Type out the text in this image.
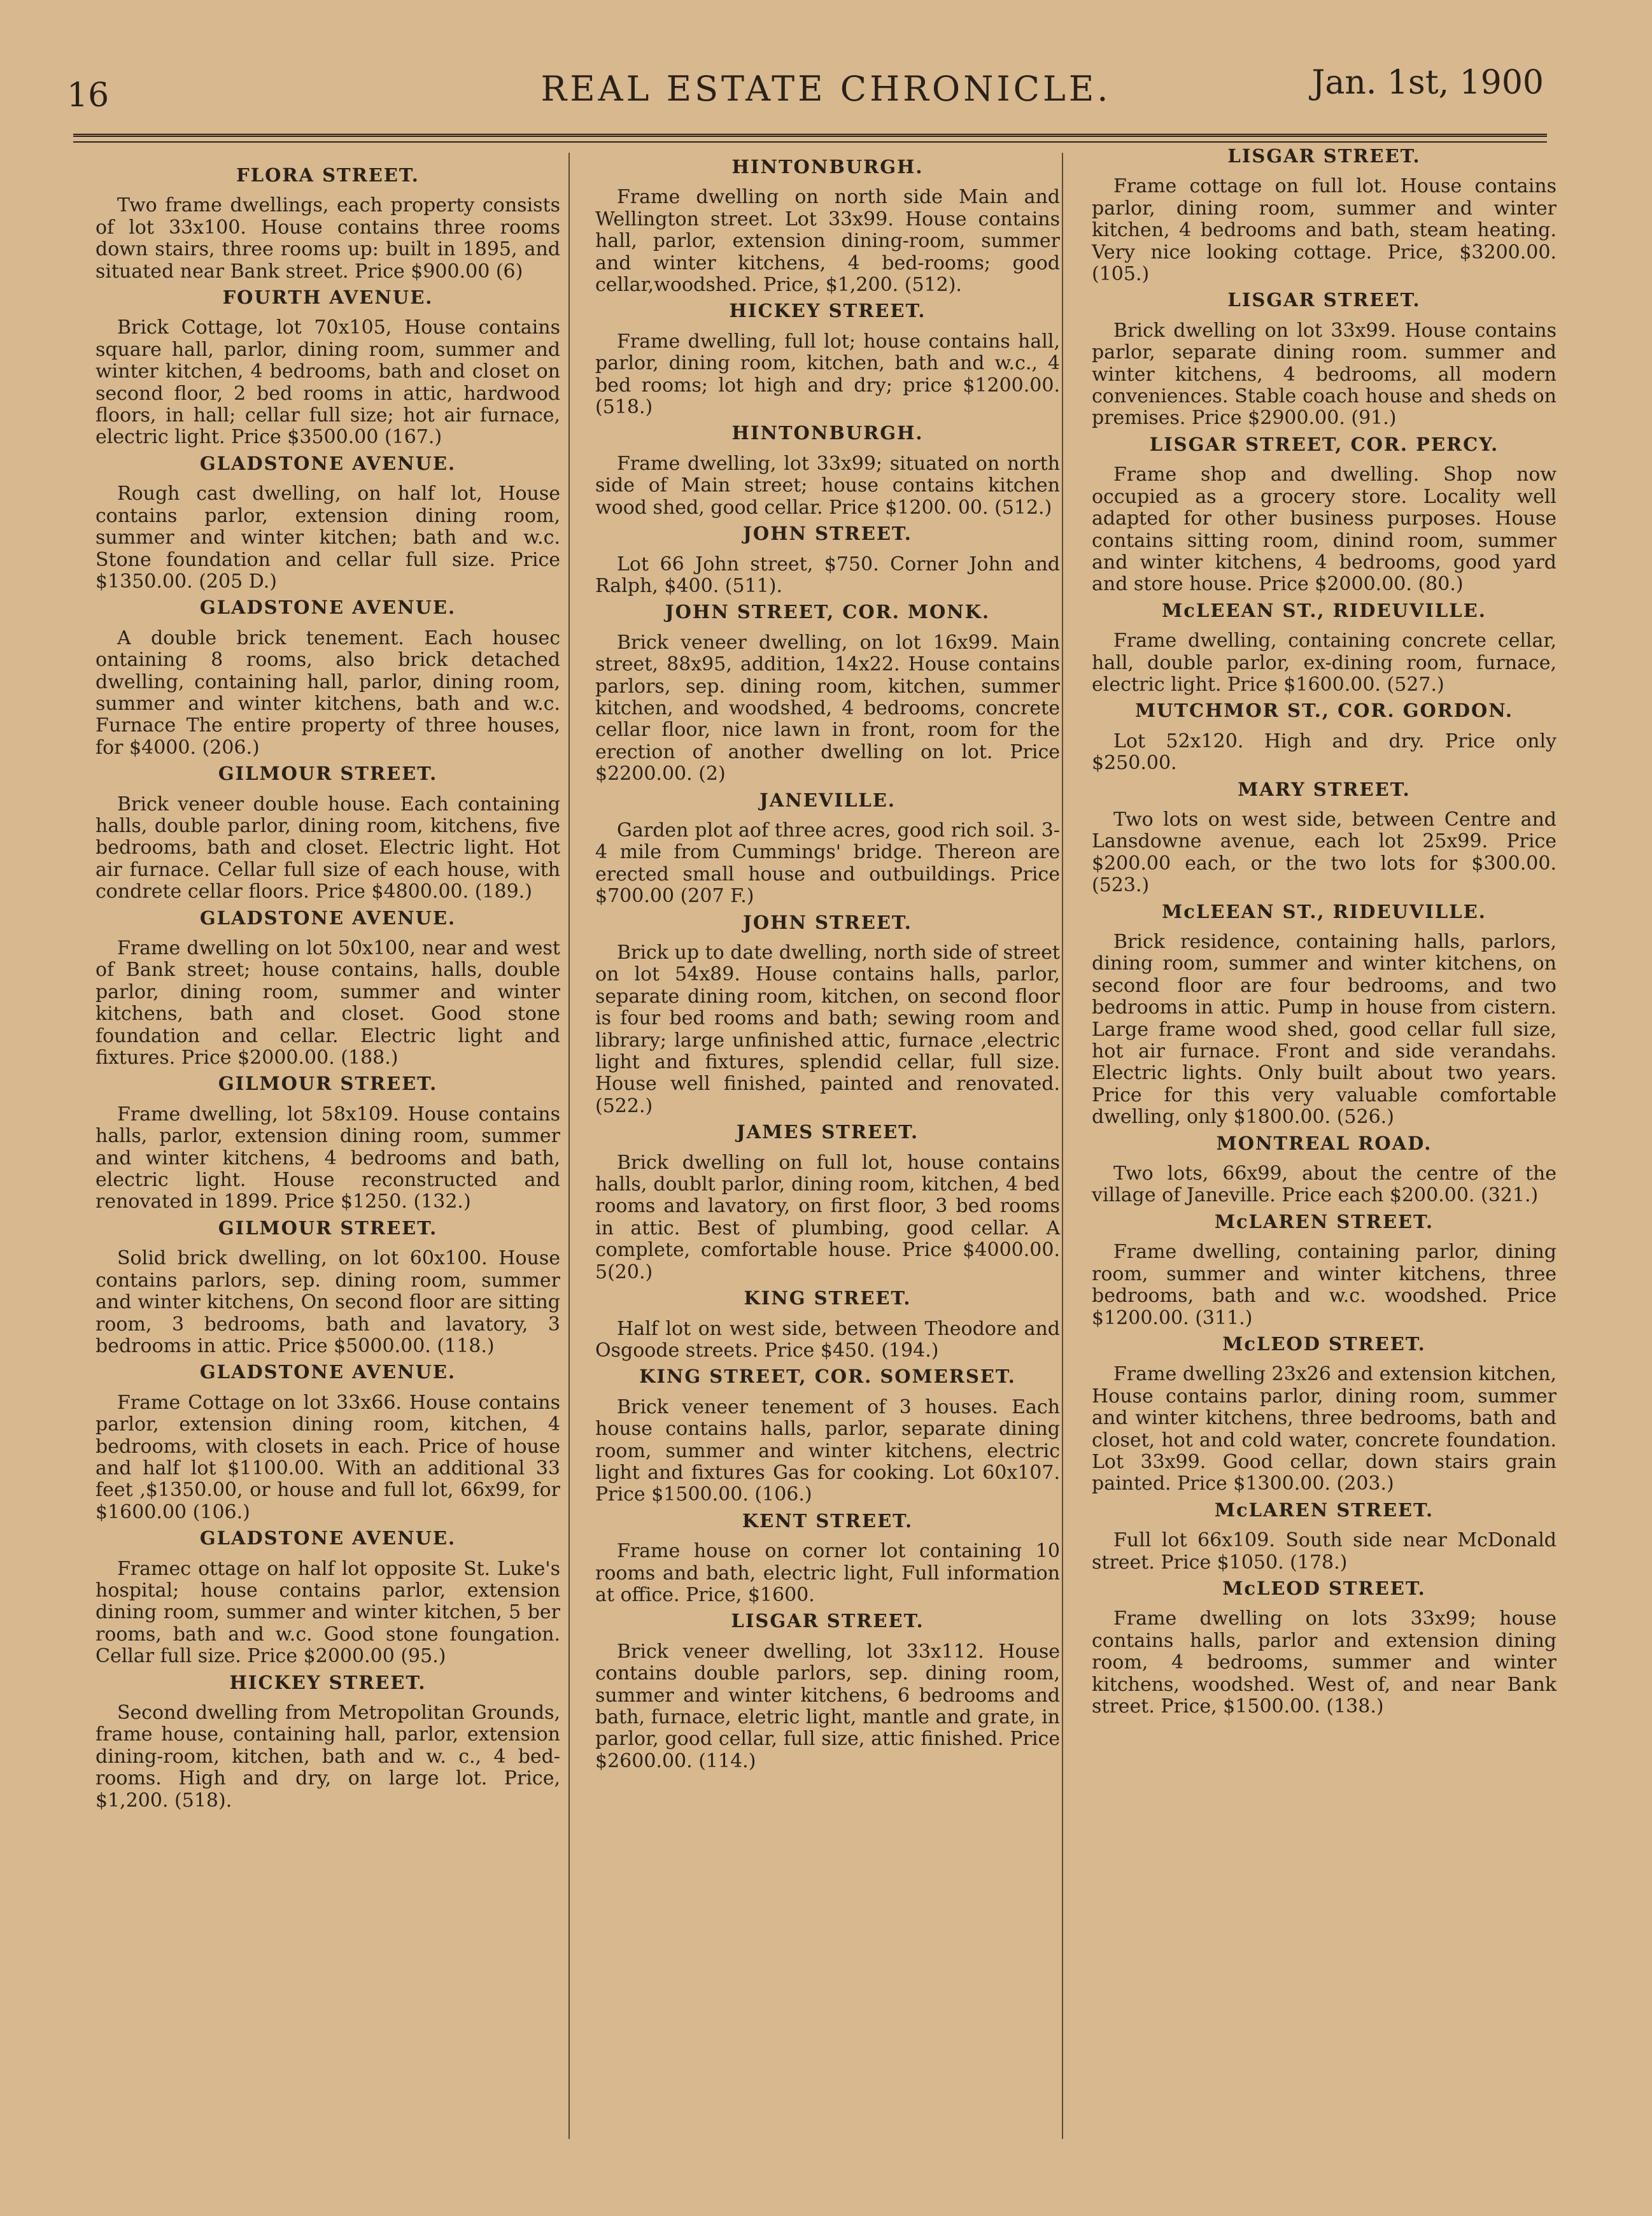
16	REAL ESTATE CHRONICLE.	Jan. 1st, 1900
FLORA STREET.

Two frame dwellings, each property consists of lot 33x100. House contains three rooms down stairs, three rooms up: built in 1895, and situated near Bank street. Price $900.00 (6)

FOURTH AVENUE.

Brick Cottage, lot 70x105, House contains square hall, parlor, dining room, summer and winter kitchen, 4 bedrooms, bath and closet on second floor, 2 bed rooms in attic, hardwood floors, in hall; cellar full size; hot air furnace, electric light. Price $3500.00 (167.)

GLADSTONE AVENUE.

Rough cast dwelling, on half lot, House contains parlor, extension dining room, summer and winter kitchen; bath and w.c. Stone foundation and cellar full size. Price $1350.00. (205 D.)

GLADSTONE AVENUE.

A double brick tenement. Each housec ontaining 8 rooms, also brick detached dwelling, containing hall, parlor, dining room, summer and winter kitchens, bath and w.c. Furnace The entire property of three houses, for $4000. (206.)

GILMOUR STREET.

Brick veneer double house. Each containing halls, double parlor, dining room, kitchens, five bedrooms, bath and closet. Electric light. Hot air furnace. Cellar full size of each house, with condrete cellar floors. Price $4800.00. (189.)

GLADSTONE AVENUE.

Frame dwelling on lot 50x100, near and west of Bank street; house contains, halls, double parlor, dining room, summer and winter kitchens, bath and closet. Good stone foundation and cellar. Electric light and fixtures. Price $2000.00. (188.)

GILMOUR STREET.

Frame dwelling, lot 58x109. House contains halls, parlor, extension dining room, summer and winter kitchens, 4 bedrooms and bath, electric light. House reconstructed and renovated in 1899. Price $1250. (132.)

GILMOUR STREET.

Solid brick dwelling, on lot 60x100. House contains parlors, sep. dining room, summer and winter kitchens, On second floor are sitting room, 3 bedrooms, bath and lavatory, 3 bedrooms in attic. Price $5000.00. (118.)

GLADSTONE AVENUE.

Frame Cottage on lot 33x66. House contains parlor, extension dining room, kitchen, 4 bedrooms, with closets in each. Price of house and half lot $1100.00. With an additional 33 feet ,$1350.00, or house and full lot, 66x99, for $1600.00 (106.)

GLADSTONE AVENUE.

Framec ottage on half lot opposite St. Luke's hospital; house contains parlor, extension dining room, summer and winter kitchen, 5 ber rooms, bath and w.c. Good stone foungation. Cellar full size. Price $2000.00 (95.)

HICKEY STREET.

Second dwelling from Metropolitan Grounds, frame house, containing hall, parlor, extension dining-room, kitchen, bath and w. c., 4 bed-rooms. High and dry, on large lot. Price, $1,200. (518).

HINTONBURGH.

Frame dwelling on north side Main and Wellington street. Lot 33x99. House contains hall, parlor, extension dining-room, summer and winter kitchens, 4 bed-rooms; good cellar,woodshed. Price, $1,200. (512).

HICKEY STREET.

Frame dwelling, full lot; house contains hall, parlor, dining room, kitchen, bath and w.c., 4 bed rooms; lot high and dry; price $1200.00. (518.)

HINTONBURGH.

Frame dwelling, lot 33x99; situated on north side of Main street; house contains kitchen wood shed, good cellar. Price $1200. 00. (512.)

JOHN STREET.

Lot 66 John street, $750. Corner John and Ralph, $400. (511).

JOHN STREET, COR. MONK.

Brick veneer dwelling, on lot 16x99. Main street, 88x95, addition, 14x22. House contains parlors, sep. dining room, kitchen, summer kitchen, and woodshed, 4 bedrooms, concrete cellar floor, nice lawn in front, room for the erection of another dwelling on lot. Price $2200.00. (2)

JANEVILLE.

Garden plot aof three acres, good rich soil. 3-4 mile from Cummings' bridge. Thereon are erected small house and outbuildings. Price $700.00 (207 F.)

JOHN STREET.

Brick up to date dwelling, north side of street on lot 54x89. House contains halls, parlor, separate dining room, kitchen, on second floor is four bed rooms and bath; sewing room and library; large unfinished attic, furnace ,electric light and fixtures, splendid cellar, full size. House well finished, painted and renovated. (522.)

JAMES STREET.

Brick dwelling on full lot, house contains halls, doublt parlor, dining room, kitchen, 4 bed rooms and lavatory, on first floor, 3 bed rooms in attic. Best of plumbing, good cellar. A complete, comfortable house. Price $4000.00. 5(20.)

KING STREET.

Half lot on west side, between Theodore and Osgoode streets. Price $450. (194.)

KING STREET, COR. SOMERSET.

Brick veneer tenement of 3 houses. Each house contains halls, parlor, separate dining room, summer and winter kitchens, electric light and fixtures Gas for cooking. Lot 60x107. Price $1500.00. (106.)

KENT STREET.

Frame house on corner lot containing 10 rooms and bath, electric light, Full information at office. Price, $1600.

LISGAR STREET.

Brick veneer dwelling, lot 33x112. House contains double parlors, sep. dining room, summer and winter kitchens, 6 bedrooms and bath, furnace, eletric light, mantle and grate, in parlor, good cellar, full size, attic finished. Price $2600.00. (114.)

LISGAR STREET.

Frame cottage on full lot. House contains parlor, dining room, summer and winter kitchen, 4 bedrooms and bath, steam heating. Very nice looking cottage. Price, $3200.00. (105.)

LISGAR STREET.

Brick dwelling on lot 33x99. House contains parlor, separate dining room. summer and winter kitchens, 4 bedrooms, all modern conveniences. Stable coach house and sheds on premises. Price $2900.00. (91.)

LISGAR STREET, COR. PERCY.

Frame shop and dwelling. Shop now occupied as a grocery store. Locality well adapted for other business purposes. House contains sitting room, dinind room, summer and winter kitchens, 4 bedrooms, good yard and store house. Price $2000.00. (80.)

McLEEAN ST., RIDEUVILLE.

Frame dwelling, containing concrete cellar, hall, double parlor, ex-dining room, furnace, electric light. Price $1600.00. (527.)

MUTCHMOR ST., COR. GORDON.

Lot 52x120. High and dry. Price only $250.00.

MARY STREET.

Two lots on west side, between Centre and Lansdowne avenue, each lot 25x99. Price $200.00 each, or the two lots for $300.00. (523.)

McLEEAN ST., RIDEUVILLE.

Brick residence, containing halls, parlors, dining room, summer and winter kitchens, on second floor are four bedrooms, and two bedrooms in attic. Pump in house from cistern. Large frame wood shed, good cellar full size, hot air furnace. Front and side verandahs. Electric lights. Only built about two years. Price for this very valuable comfortable dwelling, only $1800.00. (526.)

MONTREAL ROAD.

Two lots, 66x99, about the centre of the village of Janeville. Price each $200.00. (321.)

McLAREN STREET.

Frame dwelling, containing parlor, dining room, summer and winter kitchens, three bedrooms, bath and w.c. woodshed. Price $1200.00. (311.)

McLEOD STREET.

Frame dwelling 23x26 and extension kitchen, House contains parlor, dining room, summer and winter kitchens, three bedrooms, bath and closet, hot and cold water, concrete foundation. Lot 33x99. Good cellar, down stairs grain painted. Price $1300.00. (203.)

McLAREN STREET.

Full lot 66x109. South side near McDonald street. Price $1050. (178.)

McLEOD STREET.

Frame dwelling on lots 33x99; house contains halls, parlor and extension dining room, 4 bedrooms, summer and winter kitchens, woodshed. West of, and near Bank street. Price, $1500.00. (138.)
